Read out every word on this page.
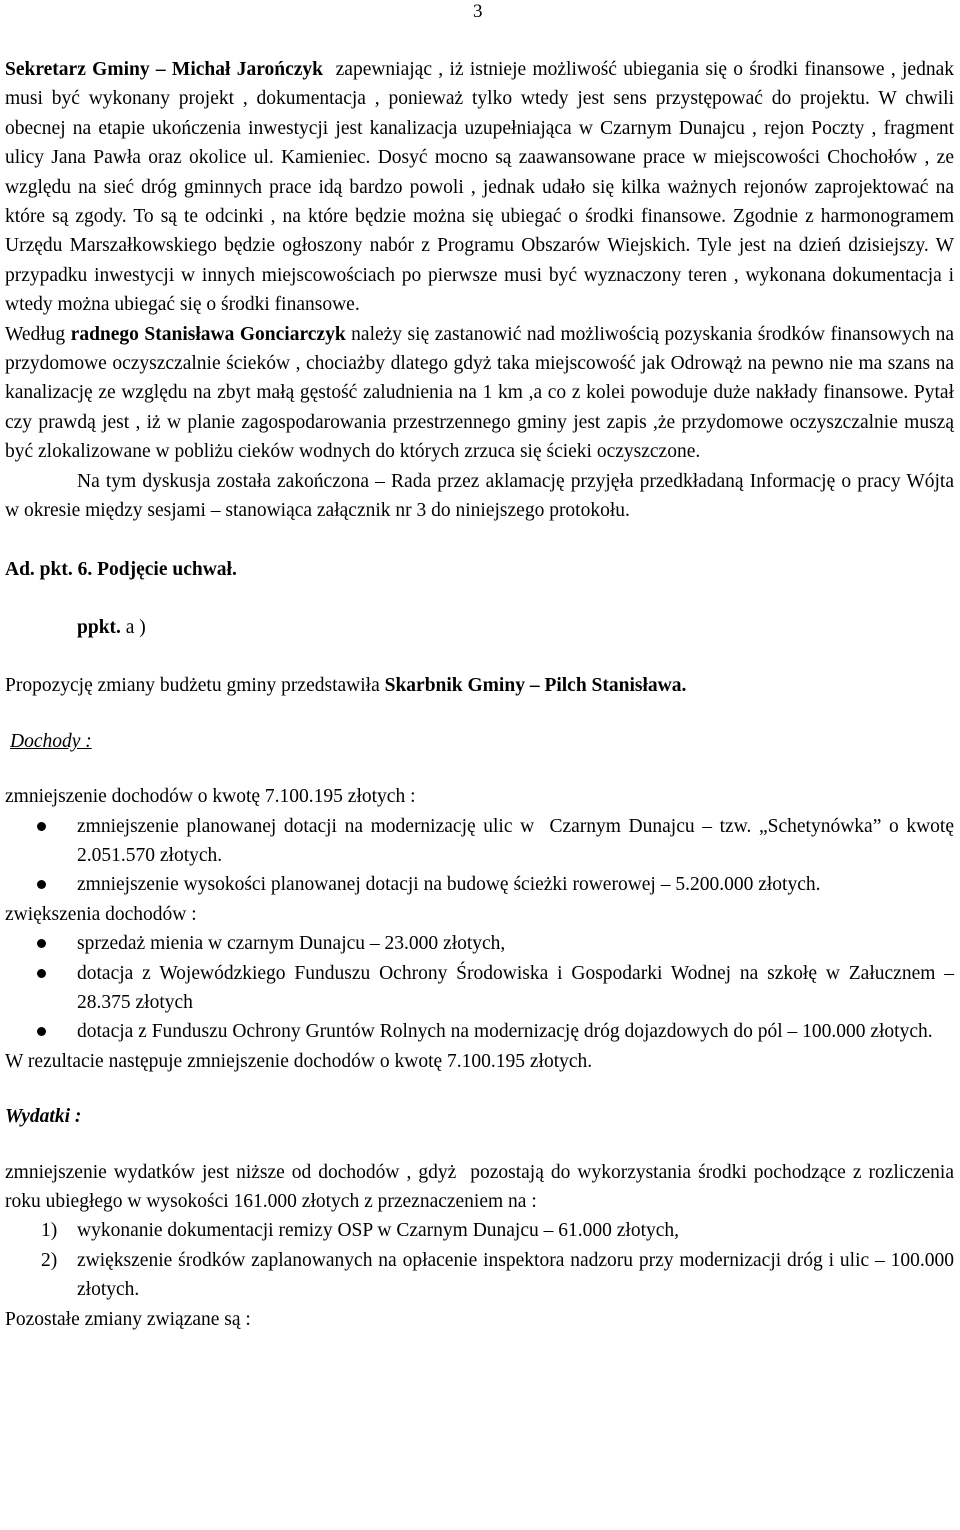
3

Sekretarz Gminy – Michał Jarończyk  zapewniając , iż istnieje możliwość ubiegania się o środki finansowe , jednak musi być wykonany projekt , dokumentacja , ponieważ tylko wtedy jest sens przystępować do projektu. W chwili obecnej na etapie ukończenia inwestycji jest kanalizacja uzupełniająca w Czarnym Dunajcu , rejon Poczty , fragment ulicy Jana Pawła oraz okolice ul. Kamieniec. Dosyć mocno są zaawansowane prace w miejscowości Chochołów , ze względu na sieć dróg gminnych prace idą bardzo powoli , jednak udało się kilka ważnych rejonów zaprojektować na które są zgody. To są te odcinki , na które będzie można się ubiegać o środki finansowe. Zgodnie z harmonogramem Urzędu Marszałkowskiego będzie ogłoszony nabór z Programu Obszarów Wiejskich. Tyle jest na dzień dzisiejszy. W przypadku inwestycji w innych miejscowościach po pierwsze musi być wyznaczony teren , wykonana dokumentacja i wtedy można ubiegać się o środki finansowe.

Według radnego Stanisława Gonciarczyk należy się zastanowić nad możliwością pozyskania środków finansowych na przydomowe oczyszczalnie ścieków , chociażby dlatego gdyż taka miejscowość jak Odrowąż na pewno nie ma szans na kanalizację ze względu na zbyt małą gęstość zaludnienia na 1 km ,a co z kolei powoduje duże nakłady finansowe. Pytał czy prawdą jest , iż w planie zagospodarowania przestrzennego gminy jest zapis ,że przydomowe oczyszczalnie muszą być zlokalizowane w pobliżu cieków wodnych do których zrzuca się ścieki oczyszczone.

Na tym dyskusja została zakończona – Rada przez aklamację przyjęła przedkładaną Informację o pracy Wójta w okresie między sesjami – stanowiąca załącznik nr 3 do niniejszego protokołu.

Ad. pkt. 6. Podjęcie uchwał.

ppkt. a )

Propozycję zmiany budżetu gminy przedstawiła Skarbnik Gminy – Pilch Stanisława.

Dochody :

zmniejszenie dochodów o kwotę 7.100.195 złotych :

zmniejszenie planowanej dotacji na modernizację ulic w  Czarnym Dunajcu – tzw. „Schetynówka” o kwotę 2.051.570 złotych.
zmniejszenie wysokości planowanej dotacji na budowę ścieżki rowerowej – 5.200.000 złotych.

zwiększenia dochodów :

sprzedaż mienia w czarnym Dunajcu – 23.000 złotych,
dotacja z Wojewódzkiego Funduszu Ochrony Środowiska i Gospodarki Wodnej na szkołę w Załucznem – 28.375 złotych
dotacja z Funduszu Ochrony Gruntów Rolnych na modernizację dróg dojazdowych do pól – 100.000 złotych.

W rezultacie następuje zmniejszenie dochodów o kwotę 7.100.195 złotych.

Wydatki :

zmniejszenie wydatków jest niższe od dochodów , gdyż  pozostają do wykorzystania środki pochodzące z rozliczenia roku ubiegłego w wysokości 161.000 złotych z przeznaczeniem na :

1) wykonanie dokumentacji remizy OSP w Czarnym Dunajcu – 61.000 złotych,
2) zwiększenie środków zaplanowanych na opłacenie inspektora nadzoru przy modernizacji dróg i ulic – 100.000 złotych.

Pozostałe zmiany związane są :
